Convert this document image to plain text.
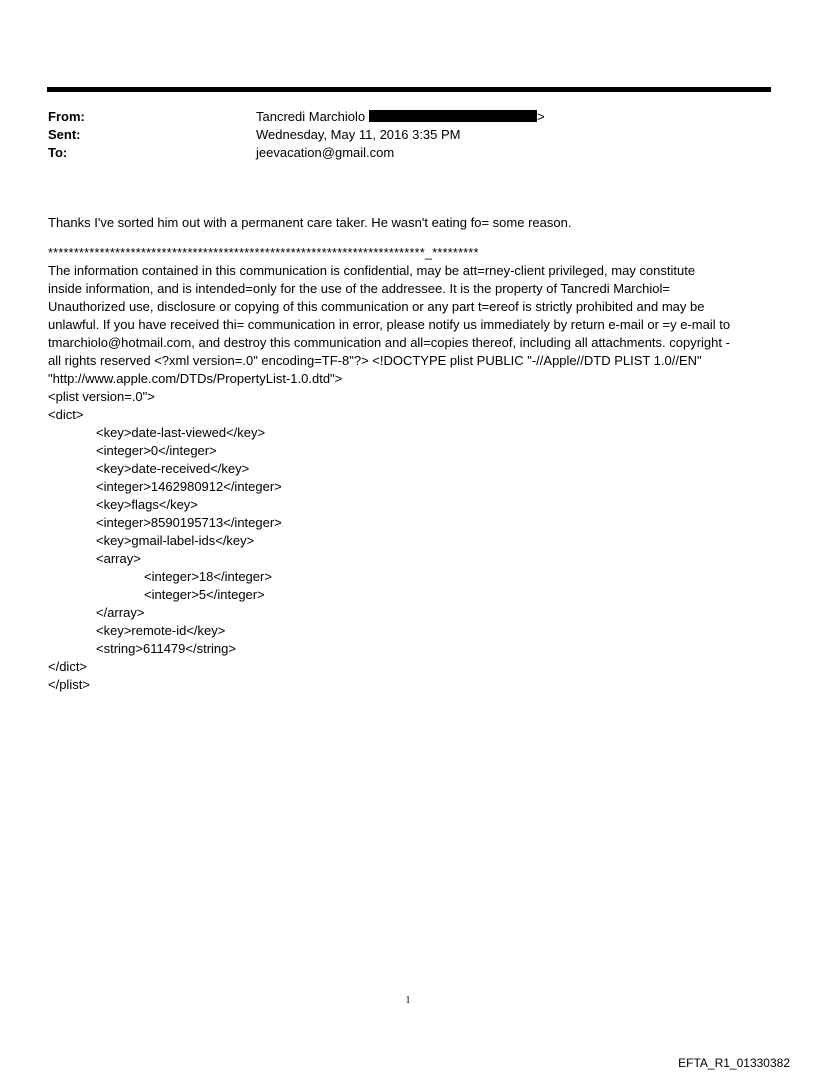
From:	Tancredi Marchiolo	>
Sent:	Wednesday, May 11, 2016 3:35 PM
To:	jeevacation@gmail.com

Thanks I've sorted him out with a permanent care taker. He wasn't eating fo= some reason.

*************************************************************************_*********

The information contained in this communication is confidential, may be att=rney-client privileged, may constitute

inside information, and is intended=only for the use of the addressee. It is the property of Tancredi Marchiol=

Unauthorized use, disclosure or copying of this communication or any part t=ereof is strictly prohibited and may be

unlawful. If you have received thi= communication in error, please notify us immediately by return e-mail or =y e-mail to

tmarchiolo@hotmail.com, and destroy this communication and all=copies thereof, including all attachments. copyright -

all rights reserved <?xml version=.0" encoding=TF-8"?> <!DOCTYPE plist PUBLIC "-//Apple//DTD PLIST 1.0//EN"

"http://www.apple.com/DTDs/PropertyList-1.0.dtd">

<plist version=.0">

<dict>

<key>date-last-viewed</key>

<integer>0</integer>

<key>date-received</key>

<integer>1462980912</integer>

<key>flags</key>

<integer>8590195713</integer>

<key>gmail-label-ids</key>

<array>

<integer>18</integer>

<integer>5</integer>

</array>

<key>remote-id</key>

<string>611479</string>

</dict>

</plist>

1
EFTA_R1_01330382
